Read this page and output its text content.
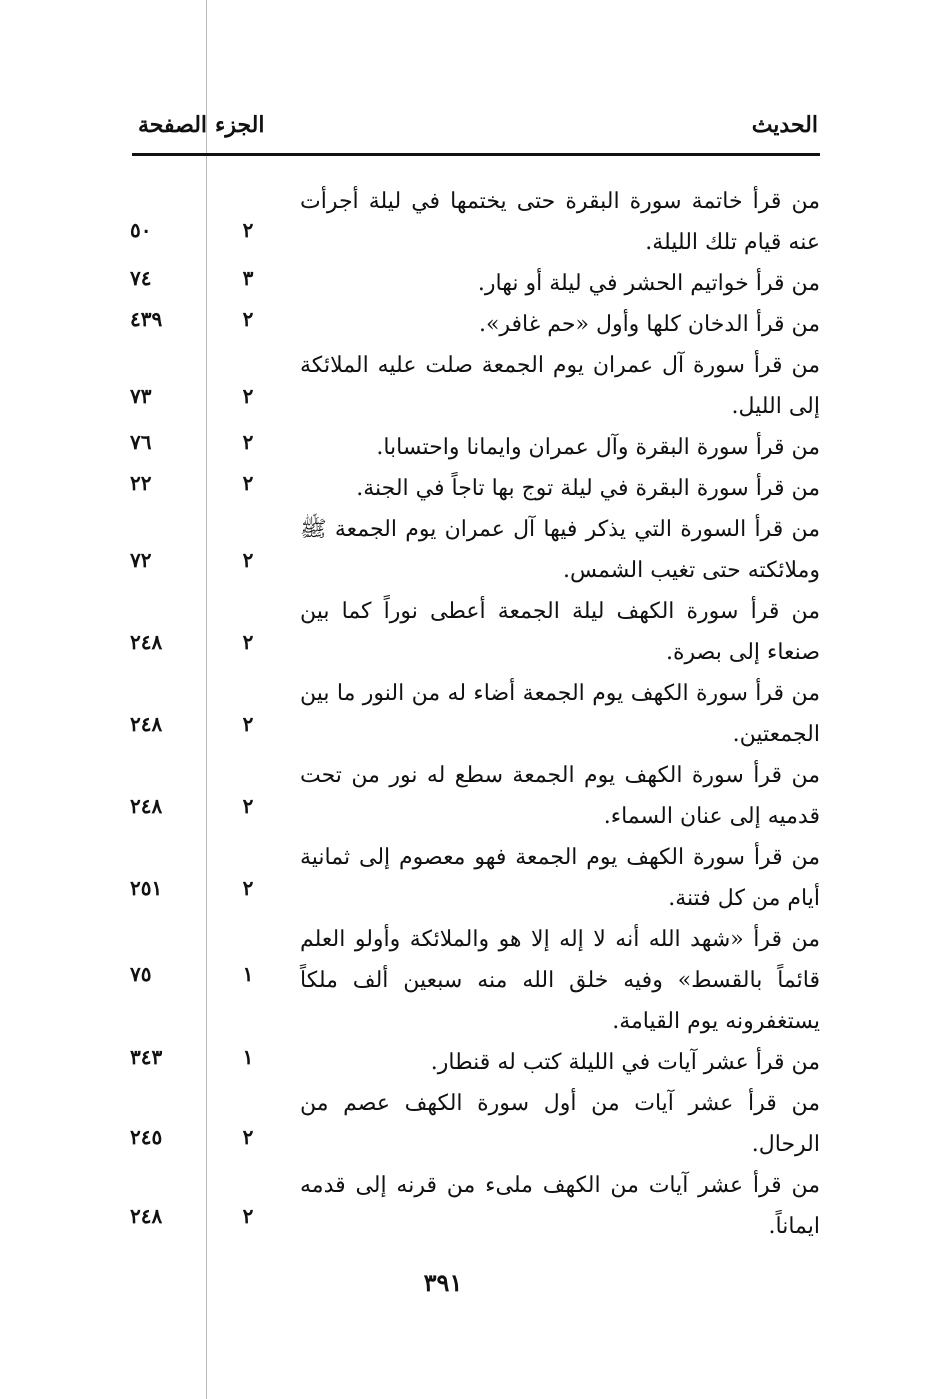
الحديث
الجزء
الصفحة
من قرأ خاتمة سورة البقرة حتى يختمها في ليلة أجرأت عنه قيام تلك الليلة.
٢
٥٠
من قرأ خواتيم الحشر في ليلة أو نهار.
٣
٧٤
من قرأ الدخان كلها وأول «حم غافر».
٢
٤٣٩
من قرأ سورة آل عمران يوم الجمعة صلت عليه الملائكة إلى الليل.
٢
٧٣
من قرأ سورة البقرة وآل عمران وايمانا واحتسابا.
٢
٧٦
من قرأ سورة البقرة في ليلة توج بها تاجاً في الجنة.
٢
٢٢
من قرأ السورة التي يذكر فيها آل عمران يوم الجمعة ﷺ وملائكته حتى تغيب الشمس.
٢
٧٢
من قرأ سورة الكهف ليلة الجمعة أعطى نوراً كما بين صنعاء إلى بصرة.
٢
٢٤٨
من قرأ سورة الكهف يوم الجمعة أضاء له من النور ما بين الجمعتين.
٢
٢٤٨
من قرأ سورة الكهف يوم الجمعة سطع له نور من تحت قدميه إلى عنان السماء.
٢
٢٤٨
من قرأ سورة الكهف يوم الجمعة فهو معصوم إلى ثمانية أيام من كل فتنة.
٢
٢٥١
من قرأ «شهد الله أنه لا إله إلا هو والملائكة وأولو العلم قائماً بالقسط» وفيه خلق الله منه سبعين ألف ملكاً يستغفرونه يوم القيامة.
١
٧٥
من قرأ عشر آيات في الليلة كتب له قنطار.
١
٣٤٣
من قرأ عشر آيات من أول سورة الكهف عصم من الرحال.
٢
٢٤٥
من قرأ عشر آيات من الكهف ملىء من قرنه إلى قدمه ايماناً.
٢
٢٤٨
٣٩١
